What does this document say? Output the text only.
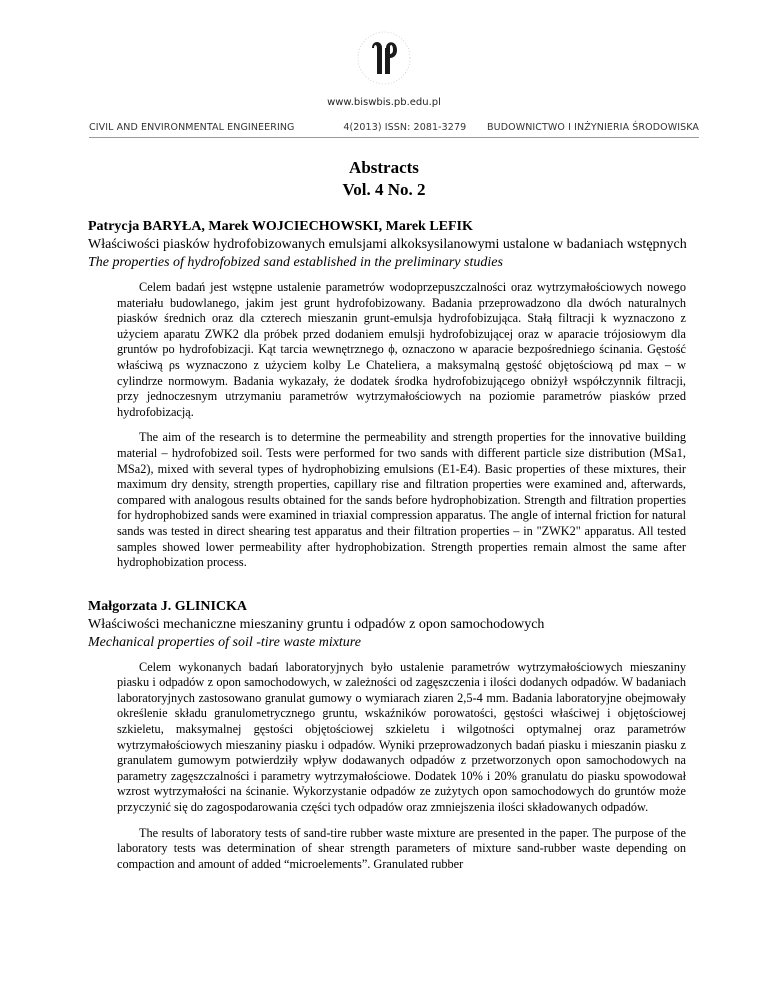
www.biswbis.pb.edu.pl
CIVIL AND ENVIRONMENTAL ENGINEERING	4(2013) ISSN: 2081-3279 BUDOWNICTWO I INŻYNIERIA ŚRODOWISKA
Abstracts
Vol. 4 No. 2
Patrycja BARYŁA, Marek WOJCIECHOWSKI, Marek LEFIK
Właściwości piasków hydrofobizowanych emulsjami alkoksysilanowymi ustalone w badaniach wstępnych
The properties of hydrofobized sand established in the preliminary studies

Celem badań jest wstępne ustalenie parametrów wodoprzepuszczalności oraz wytrzymałościowych nowego materiału budowlanego, jakim jest grunt hydrofobizowany. Badania przeprowadzono dla dwóch naturalnych piasków średnich oraz dla czterech mieszanin grunt-emulsja hydrofobizująca. Stałą filtracji k wyznaczono z użyciem aparatu ZWK2 dla próbek przed dodaniem emulsji hydrofobizującej oraz w aparacie trójosiowym dla gruntów po hydrofobizacji. Kąt tarcia wewnętrznego ϕ, oznaczono w aparacie bezpośredniego ścinania. Gęstość właściwą ρs wyznaczono z użyciem kolby Le Chateliera, a maksymalną gęstość objętościową ρd max – w cylindrze normowym. Badania wykazały, że dodatek środka hydrofobizującego obniżył współczynnik filtracji, przy jednoczesnym utrzymaniu parametrów wytrzymałościowych na poziomie parametrów piasków przed hydrofobizacją.

The aim of the research is to determine the permeability and strength properties for the innovative building material – hydrofobized soil. Tests were performed for two sands with different particle size distribution (MSa1, MSa2), mixed with several types of hydrophobizing emulsions (E1-E4). Basic properties of these mixtures, their maximum dry density, strength properties, capillary rise and filtration properties were examined and, afterwards, compared with analogous results obtained for the sands before hydrophobization. Strength and filtration properties for hydrophobized sands were examined in triaxial compression apparatus. The angle of internal friction for natural sands was tested in direct shearing test apparatus and their filtration properties – in "ZWK2" apparatus. All tested samples showed lower permeability after hydrophobization. Strength properties remain almost the same after hydrophobization process.

Małgorzata J. GLINICKA
Właściwości mechaniczne mieszaniny gruntu i odpadów z opon samochodowych
Mechanical properties of soil -tire waste mixture

Celem wykonanych badań laboratoryjnych było ustalenie parametrów wytrzymałościowych mieszaniny piasku i odpadów z opon samochodowych, w zależności od zagęszczenia i ilości dodanych odpadów. W badaniach laboratoryjnych zastosowano granulat gumowy o wymiarach ziaren 2,5-4 mm. Badania laboratoryjne obejmowały określenie składu granulometrycznego gruntu, wskaźników porowatości, gęstości właściwej i objętościowej szkieletu, maksymalnej gęstości objętościowej szkieletu i wilgotności optymalnej oraz parametrów wytrzymałościowych mieszaniny piasku i odpadów. Wyniki przeprowadzonych badań piasku i mieszanin piasku z granulatem gumowym potwierdziły wpływ dodawanych odpadów z przetworzonych opon samochodowych na parametry zagęszczalności i parametry wytrzymałościowe. Dodatek 10% i 20% granulatu do piasku spowodował wzrost wytrzymałości na ścinanie. Wykorzystanie odpadów ze zużytych opon samochodowych do gruntów może przyczynić się do zagospodarowania części tych odpadów oraz zmniejszenia ilości składowanych odpadów.

The results of laboratory tests of sand-tire rubber waste mixture are presented in the paper. The purpose of the laboratory tests was determination of shear strength parameters of mixture sand-rubber waste depending on compaction and amount of added “microelements”. Granulated rubber
